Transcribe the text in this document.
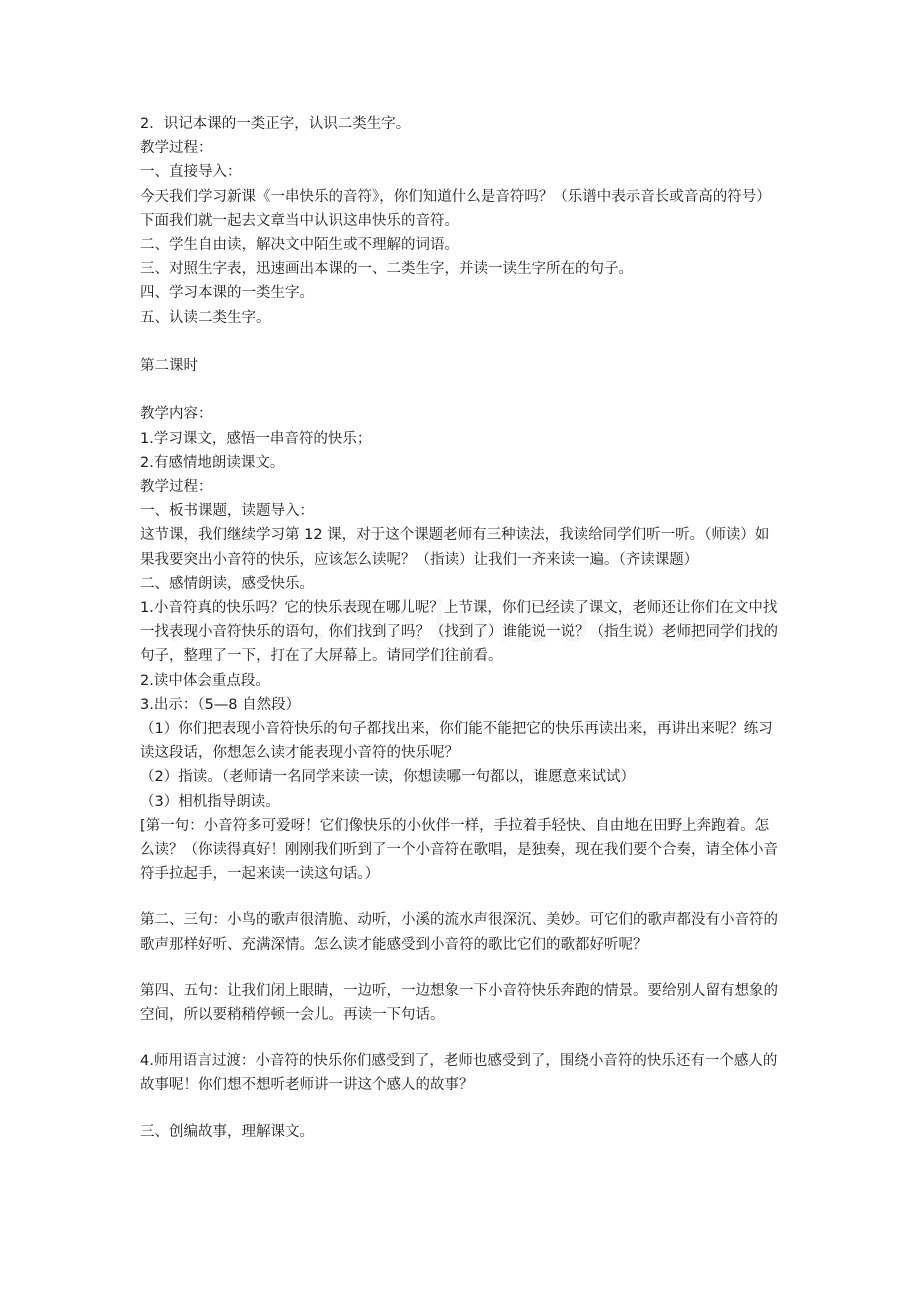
2．识记本课的一类正字，认识二类生字。

教学过程：

一、直接导入：

今天我们学习新课《一串快乐的音符》，你们知道什么是音符吗？（乐谱中表示音长或音高的符号）下面我们就一起去文章当中认识这串快乐的音符。

二、学生自由读，解决文中陌生或不理解的词语。

三、对照生字表，迅速画出本课的一、二类生字，并读一读生字所在的句子。

四、学习本课的一类生字。

五、认读二类生字。

第二课时

教学内容：

1.学习课文，感悟一串音符的快乐；

2.有感情地朗读课文。

教学过程：

一、板书课题，读题导入：

这节课，我们继续学习第 12 课，对于这个课题老师有三种读法，我读给同学们听一听。（师读）如果我要突出小音符的快乐，应该怎么读呢？（指读）让我们一齐来读一遍。（齐读课题）

二、感情朗读，感受快乐。

1.小音符真的快乐吗？它的快乐表现在哪儿呢？上节课，你们已经读了课文，老师还让你们在文中找一找表现小音符快乐的语句，你们找到了吗？（找到了）谁能说一说？（指生说）老师把同学们找的句子，整理了一下，打在了大屏幕上。请同学们往前看。

2.读中体会重点段。

3.出示：（5—8 自然段）

（1）你们把表现小音符快乐的句子都找出来，你们能不能把它的快乐再读出来，再讲出来呢？练习读这段话，你想怎么读才能表现小音符的快乐呢？

（2）指读。（老师请一名同学来读一读，你想读哪一句都以，谁愿意来试试）

（3）相机指导朗读。

[第一句：小音符多可爱呀！它们像快乐的小伙伴一样，手拉着手轻快、自由地在田野上奔跑着。怎么读？（你读得真好！刚刚我们听到了一个小音符在歌唱，是独奏，现在我们要个合奏，请全体小音符手拉起手，一起来读一读这句话。）

第二、三句：小鸟的歌声很清脆、动听，小溪的流水声很深沉、美妙。可它们的歌声都没有小音符的歌声那样好听、充满深情。怎么读才能感受到小音符的歌比它们的歌都好听呢？

第四、五句：让我们闭上眼睛，一边听，一边想象一下小音符快乐奔跑的情景。要给别人留有想象的空间，所以要稍稍停顿一会儿。再读一下句话。

4.师用语言过渡：小音符的快乐你们感受到了，老师也感受到了，围绕小音符的快乐还有一个感人的故事呢！你们想不想听老师讲一讲这个感人的故事？

三、创编故事，理解课文。
